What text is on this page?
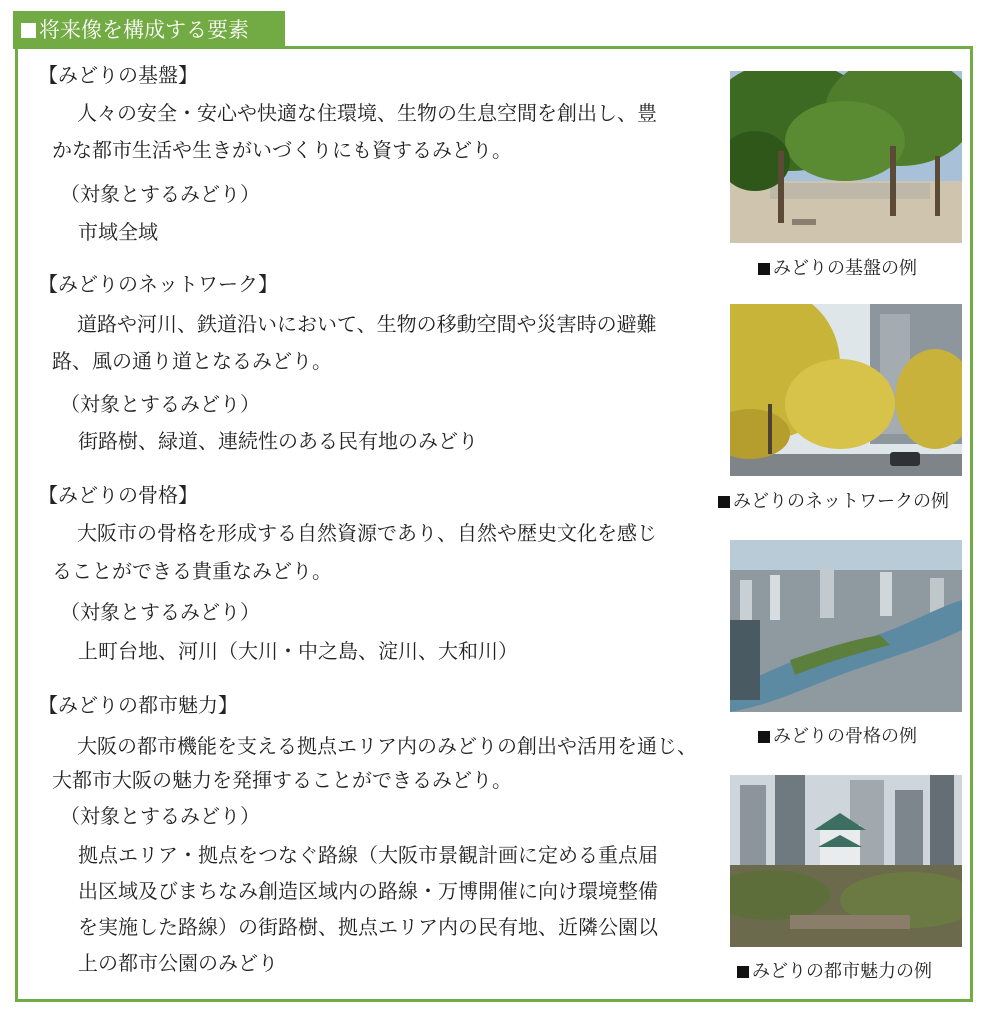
将来像を構成する要素
【みどりの基盤】
人々の安全・安心や快適な住環境、生物の生息空間を創出し、豊
かな都市生活や生きがいづくりにも資するみどり。
（対象とするみどり）
市域全域
【みどりのネットワーク】
道路や河川、鉄道沿いにおいて、生物の移動空間や災害時の避難
路、風の通り道となるみどり。
（対象とするみどり）
街路樹、緑道、連続性のある民有地のみどり
【みどりの骨格】
大阪市の骨格を形成する自然資源であり、自然や歴史文化を感じ
ることができる貴重なみどり。
（対象とするみどり）
上町台地、河川（大川・中之島、淀川、大和川）
【みどりの都市魅力】
大阪の都市機能を支える拠点エリア内のみどりの創出や活用を通じ、
大都市大阪の魅力を発揮することができるみどり。
（対象とするみどり）
拠点エリア・拠点をつなぐ路線（大阪市景観計画に定める重点届
出区域及びまちなみ創造区域内の路線・万博開催に向け環境整備
を実施した路線）の街路樹、拠点エリア内の民有地、近隣公園以
上の都市公園のみどり
みどりの基盤の例
みどりのネットワークの例
みどりの骨格の例
みどりの都市魅力の例
